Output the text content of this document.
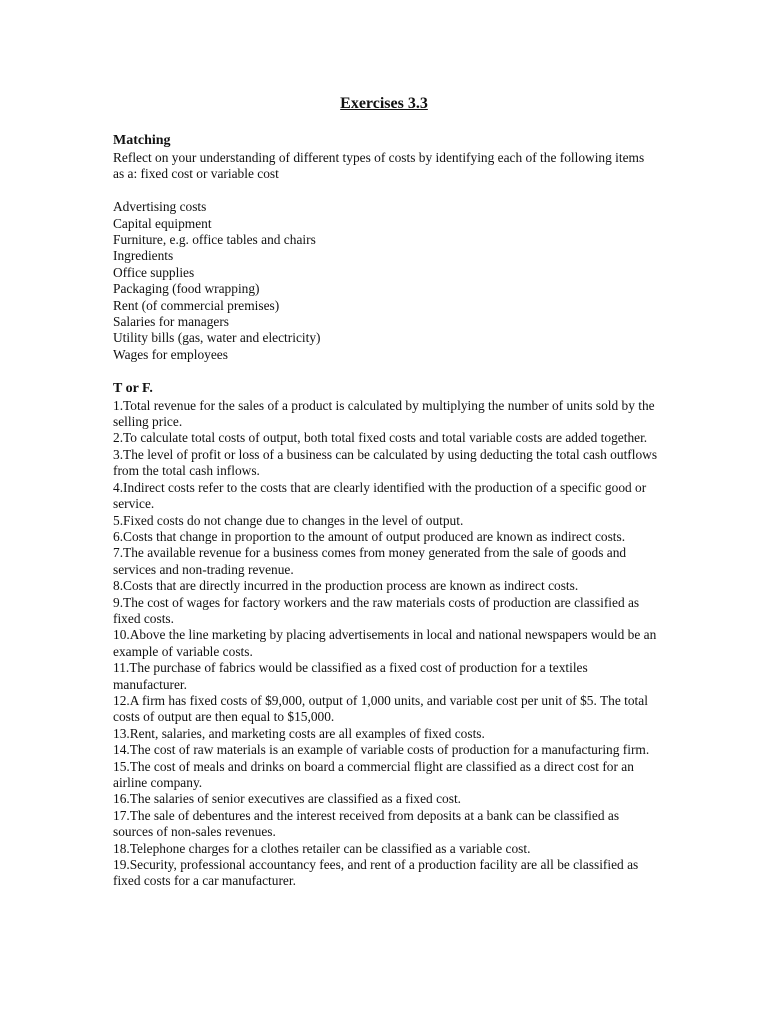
Exercises 3.3
Matching

Reflect on your understanding of different types of costs by identifying each of the following items as a: fixed cost or variable cost

Advertising costs

Capital equipment

Furniture, e.g. office tables and chairs

Ingredients

Office supplies

Packaging (food wrapping)

Rent (of commercial premises)

Salaries for managers

Utility bills (gas, water and electricity)

Wages for employees

T or F.

1.Total revenue for the sales of a product is calculated by multiplying the number of units sold by the selling price.

2.To calculate total costs of output, both total fixed costs and total variable costs are added together.

3.The level of profit or loss of a business can be calculated by using deducting the total cash outflows from the total cash inflows.

4.Indirect costs refer to the costs that are clearly identified with the production of a specific good or service.

5.Fixed costs do not change due to changes in the level of output.

6.Costs that change in proportion to the amount of output produced are known as indirect costs.

7.The available revenue for a business comes from money generated from the sale of goods and services and non-trading revenue.

8.Costs that are directly incurred in the production process are known as indirect costs.

9.The cost of wages for factory workers and the raw materials costs of production are classified as fixed costs.

10.Above the line marketing by placing advertisements in local and national newspapers would be an example of variable costs.

11.The purchase of fabrics would be classified as a fixed cost of production for a textiles manufacturer.

12.A firm has fixed costs of $9,000, output of 1,000 units, and variable cost per unit of $5. The total costs of output are then equal to $15,000.

13.Rent, salaries, and marketing costs are all examples of fixed costs.

14.The cost of raw materials is an example of variable costs of production for a manufacturing firm.

15.The cost of meals and drinks on board a commercial flight are classified as a direct cost for an airline company.

16.The salaries of senior executives are classified as a fixed cost.

17.The sale of debentures and the interest received from deposits at a bank can be classified as sources of non-sales revenues.

18.Telephone charges for a clothes retailer can be classified as a variable cost.

19.Security, professional accountancy fees, and rent of a production facility are all be classified as fixed costs for a car manufacturer.
